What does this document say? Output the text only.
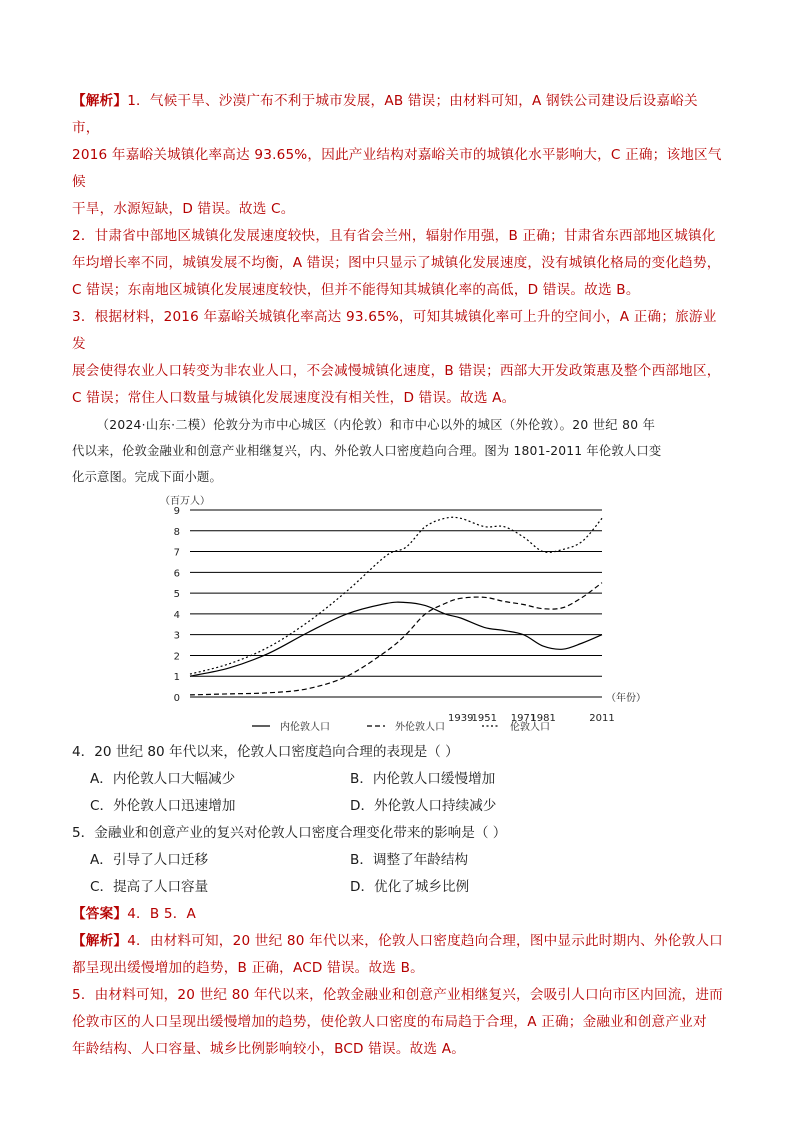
【解析】1．气候干旱、沙漠广布不利于城市发展，AB 错误；由材料可知，A 钢铁公司建设后设嘉峪关市，

2016 年嘉峪关城镇化率高达 93.65%，因此产业结构对嘉峪关市的城镇化水平影响大，C 正确；该地区气候

干旱，水源短缺，D 错误。故选 C。

2．甘肃省中部地区城镇化发展速度较快，且有省会兰州，辐射作用强，B 正确；甘肃省东西部地区城镇化

年均增长率不同，城镇发展不均衡，A 错误；图中只显示了城镇化发展速度，没有城镇化格局的变化趋势，

C 错误；东南地区城镇化发展速度较快，但并不能得知其城镇化率的高低，D 错误。故选 B。

3．根据材料，2016 年嘉峪关城镇化率高达 93.65%，可知其城镇化率可上升的空间小，A 正确；旅游业发

展会使得农业人口转变为非农业人口，不会减慢城镇化速度，B 错误；西部大开发政策惠及整个西部地区，

C 错误；常住人口数量与城镇化发展速度没有相关性，D 错误。故选 A。

（2024·山东·二模）伦敦分为市中心城区（内伦敦）和市中心以外的城区（外伦敦）。20 世纪 80 年

代以来，伦敦金融业和创意产业相继复兴，内、外伦敦人口密度趋向合理。图为 1801-2011 年伦敦人口变

化示意图。完成下面小题。

0
1
2
3
4
5
6
7
8
9
（百万人）
（年份）
1939
1951 1971
1981	2011
内伦敦人口	外伦敦人口	伦敦人口

4．20 世纪 80 年代以来，伦敦人口密度趋向合理的表现是（ ）

A．内伦敦人口大幅减少	B．内伦敦人口缓慢增加
C．外伦敦人口迅速增加	D．外伦敦人口持续减少

5．金融业和创意产业的复兴对伦敦人口密度合理变化带来的影响是（ ）

A．引导了人口迁移	B．调整了年龄结构
C．提高了人口容量	D．优化了城乡比例

【答案】4．B 5．A

【解析】4．由材料可知，20 世纪 80 年代以来，伦敦人口密度趋向合理，图中显示此时期内、外伦敦人口

都呈现出缓慢增加的趋势，B 正确，ACD 错误。故选 B。

5．由材料可知，20 世纪 80 年代以来，伦敦金融业和创意产业相继复兴，会吸引人口向市区内回流，进而

伦敦市区的人口呈现出缓慢增加的趋势，使伦敦人口密度的布局趋于合理，A 正确；金融业和创意产业对

年龄结构、人口容量、城乡比例影响较小，BCD 错误。故选 A。
